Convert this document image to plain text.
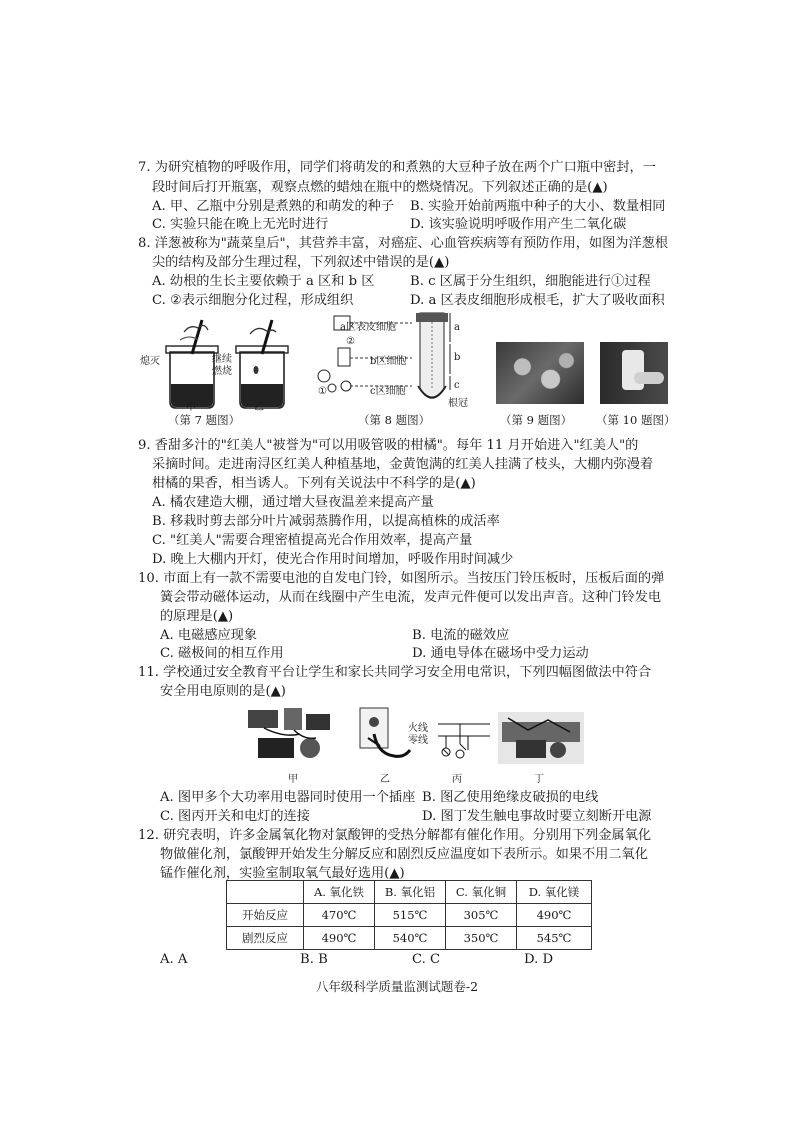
7. 为研究植物的呼吸作用，同学们将萌发的和煮熟的大豆种子放在两个广口瓶中密封，一
段时间后打开瓶塞，观察点燃的蜡烛在瓶中的燃烧情况。下列叙述正确的是(▲)
A. 甲、乙瓶中分别是煮熟的和萌发的种子 B. 实验开始前两瓶中种子的大小、数量相同
C. 实验只能在晚上无光时进行	D. 该实验说明呼吸作用产生二氧化碳
8. 洋葱被称为"蔬菜皇后"，其营养丰富，对癌症、心血管疾病等有预防作用，如图为洋葱根
尖的结构及部分生理过程，下列叙述中错误的是(▲)
A. 幼根的生长主要依赖于 a 区和 b 区	B. c 区属于分生组织，细胞能进行①过程
C. ②表示细胞分化过程，形成组织	D. a 区表皮细胞形成根毛，扩大了吸收面积
熄灭	继续
燃烧
甲	乙
（第 7 题图）
a区表皮细胞
b区细胞
c区细胞
a
b
c
根冠
②
①
（第 8 题图）	（第 9 题图） （第 10 题图）
9. 香甜多汁的"红美人"被誉为"可以用吸管吸的柑橘"。每年 11 月开始进入"红美人"的
采摘时间。走进南浔区红美人种植基地，金黄饱满的红美人挂满了枝头，大棚内弥漫着
柑橘的果香，相当诱人。下列有关说法中不科学的是(▲)
A. 橘农建造大棚，通过增大昼夜温差来提高产量
B. 移栽时剪去部分叶片减弱蒸腾作用，以提高植株的成活率
C. "红美人"需要合理密植提高光合作用效率，提高产量
D. 晚上大棚内开灯，使光合作用时间增加，呼吸作用时间减少
10. 市面上有一款不需要电池的自发电门铃，如图所示。当按压门铃压板时，压板后面的弹
簧会带动磁体运动，从而在线圈中产生电流，发声元件便可以发出声音。这种门铃发电
的原理是(▲)
A. 电磁感应现象	B. 电流的磁效应
C. 磁极间的相互作用	D. 通电导体在磁场中受力运动
11. 学校通过安全教育平台让学生和家长共同学习安全用电常识，下列四幅图做法中符合
安全用电原则的是(▲)
火线
零线
甲	乙	丙	丁
A. 图甲多个大功率用电器同时使用一个插座 B. 图乙使用绝缘皮破损的电线
C. 图丙开关和电灯的连接	D. 图丁发生触电事故时要立刻断开电源
12. 研究表明，许多金属氧化物对氯酸钾的受热分解都有催化作用。分别用下列金属氧化
物做催化剂，氯酸钾开始发生分解反应和剧烈反应温度如下表所示。如果不用二氧化
锰作催化剂，实验室制取氧气最好选用(▲)
	A. 氧化铁	B. 氧化铝	C. 氧化铜	D. 氧化镁
开始反应	470℃	515℃	305℃	490℃
剧烈反应	490℃	540℃	350℃	545℃
A. A	B. B	C. C	D. D
八年级科学质量监测试题卷-2
